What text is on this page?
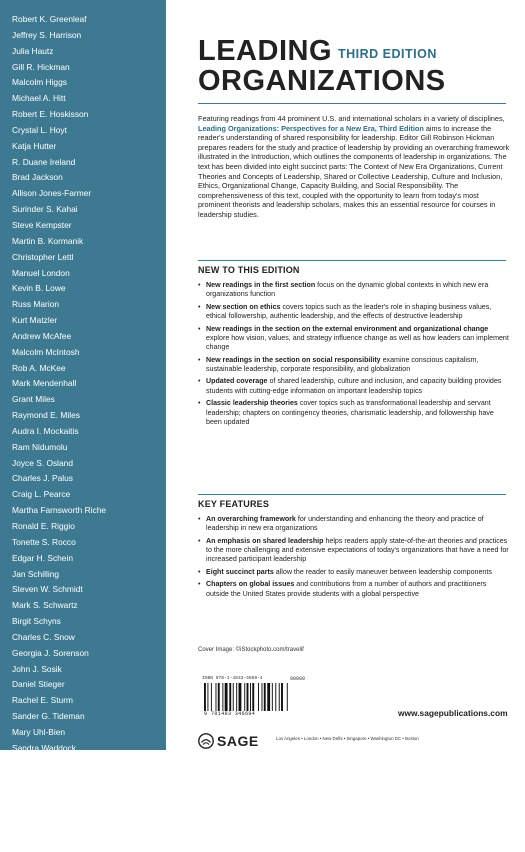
Robert K. Greenleaf
Jeffrey S. Harrison
Julia Hautz
Gill R. Hickman
Malcolm Higgs
Michael A. Hitt
Robert E. Hoskisson
Crystal L. Hoyt
Katja Hutter
R. Duane Ireland
Brad Jackson
Allison Jones-Farmer
Surinder S. Kahai
Steve Kempster
Martin B. Kormanik
Christopher Lettl
Manuel London
Kevin B. Lowe
Russ Marion
Kurt Matzler
Andrew McAfee
Malcolm McIntosh
Rob A. McKee
Mark Mendenhall
Grant Miles
Raymond E. Miles
Audra I. Mockaitis
Ram Nidumolu
Joyce S. Osland
Charles J. Palus
Craig L. Pearce
Martha Farnsworth Riche
Ronald E. Riggio
Tonette S. Rocco
Edgar H. Schein
Jan Schilling
Steven W. Schmidt
Mark S. Schwartz
Birgit Schyns
Charles C. Snow
Georgia J. Sorenson
John J. Sosik
Daniel Stieger
Rachel E. Sturm
Sander G. Tideman
Mary Uhl-Bien
Sandra Waddock
Harvell Jack Walker
Christina L. Wassenaar
John Whalen
Tobias Wuerz
Danielle P. Zandee
Lena Zander
LEADING THIRD EDITION
ORGANIZATIONS

Featuring readings from 44 prominent U.S. and international scholars in a variety of disciplines, Leading Organizations: Perspectives for a New Era, Third Edition aims to increase the reader's understanding of shared responsibility for leadership. Editor Gill Robinson Hickman prepares readers for the study and practice of leadership by providing an overarching framework illustrated in the Introduction, which outlines the components of leadership in organizations. The text has been divided into eight succinct parts: The Context of New Era Organizations, Current Theories and Concepts of Leadership, Shared or Collective Leadership, Culture and Inclusion, Ethics, Organizational Change, Capacity Building, and Social Responsibility. The comprehensiveness of this text, coupled with the opportunity to learn from today's most prominent theorists and leadership scholars, makes this an essential resource for courses in leadership studies.

NEW TO THIS EDITION
• New readings in the first section focus on the dynamic global contexts in which new era organizations function
• New section on ethics covers topics such as the leader's role in shaping business values, ethical followership, authentic leadership, and the effects of destructive leadership
• New readings in the section on the external environment and organizational change explore how vision, values, and strategy influence change as well as how leaders can implement change
• New readings in the section on social responsibility examine conscious capitalism, sustainable leadership, corporate responsibility, and globalization
• Updated coverage of shared leadership, culture and inclusion, and capacity building provides students with cutting-edge information on important leadership topics
• Classic leadership theories cover topics such as transformational leadership and servant leadership; chapters on contingency theories, charismatic leadership, and followership have been updated
KEY FEATURES
• An overarching framework for understanding and enhancing the theory and practice of leadership in new era organizations
• An emphasis on shared leadership helps readers apply state-of-the-art theories and practices to the more challenging and extensive expectations of today's organizations that have a need for increased participant leadership
• Eight succinct parts allow the reader to easily maneuver between leadership components
• Chapters on global issues and contributions from a number of authors and practitioners outside the United States provide students with a global perspective
Cover Image: ©iStockphoto.com/travelif
ISBN 978-1-4833-4669-4	90000
9 781483 346694	www.sagepublications.com
SAGE	Los Angeles • London • New Delhi • Singapore • Washington DC • Boston
